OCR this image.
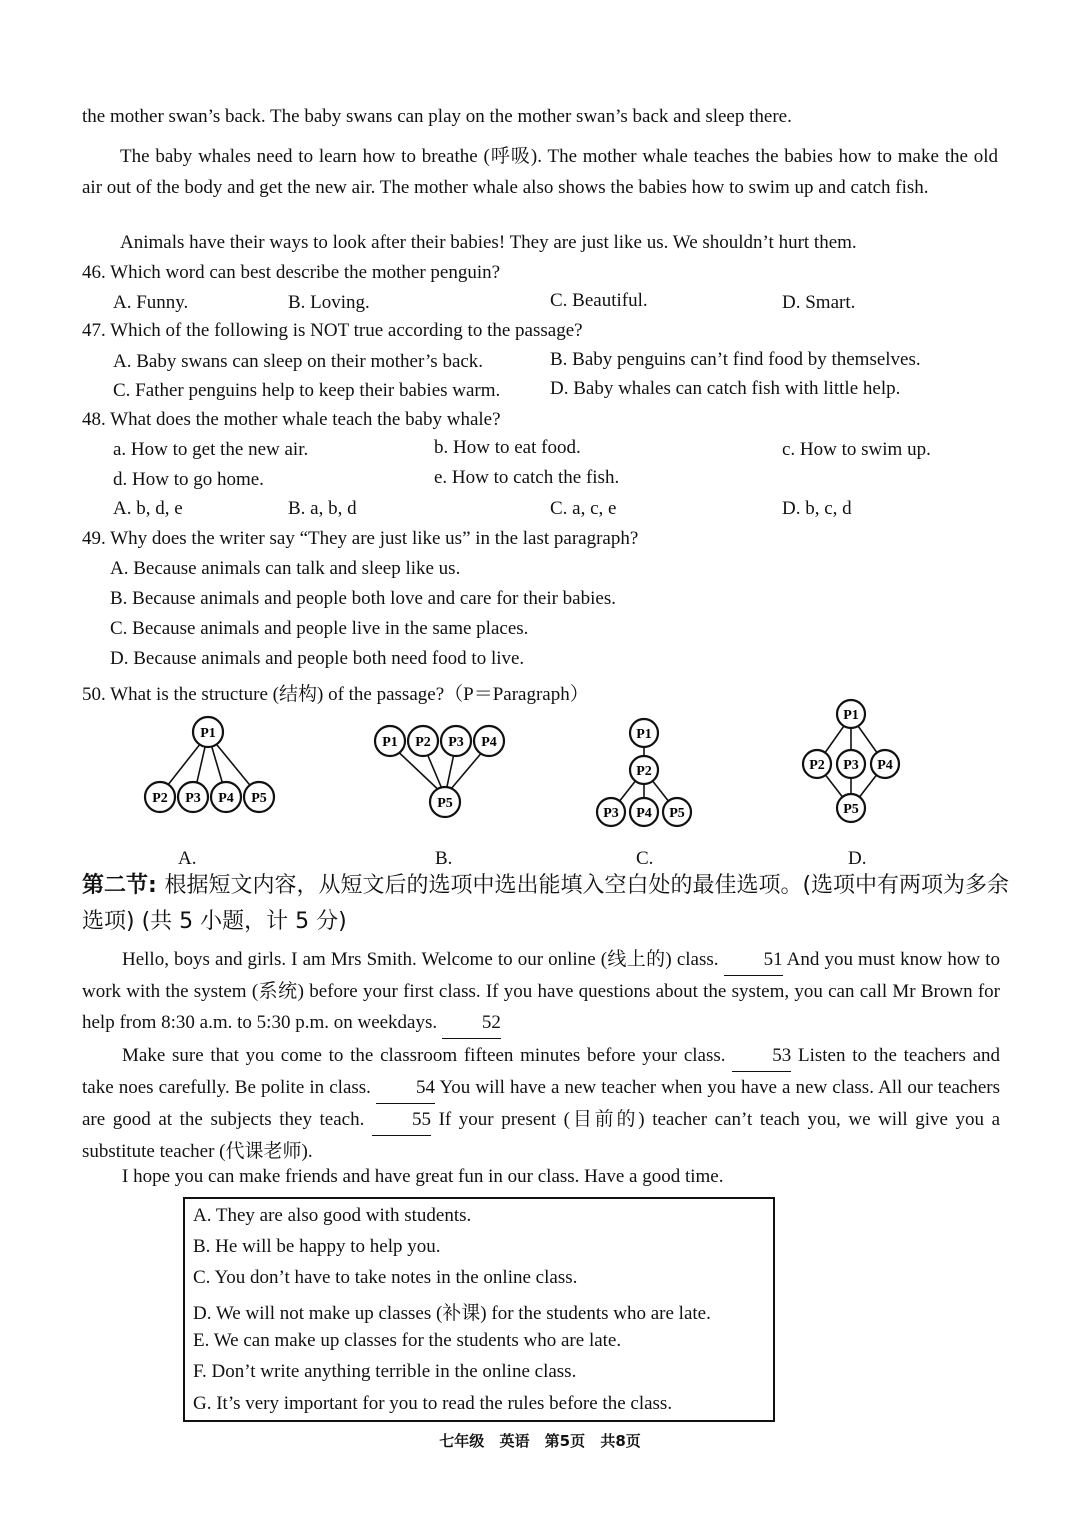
the mother swan’s back. The baby swans can play on the mother swan’s back and sleep there.
The baby whales need to learn how to breathe (呼吸). The mother whale teaches the babies how to make the old air out of the body and get the new air. The mother whale also shows the babies how to swim up and catch fish.
Animals have their ways to look after their babies! They are just like us. We shouldn’t hurt them.
46. Which word can best describe the mother penguin?
A. Funny.	B. Loving.	C. Beautiful.	D. Smart.
47. Which of the following is NOT true according to the passage?
A. Baby swans can sleep on their mother’s back.	B. Baby penguins can’t find food by themselves.
C. Father penguins help to keep their babies warm.	D. Baby whales can catch fish with little help.
48. What does the mother whale teach the baby whale?
a. How to get the new air.	b. How to eat food.	c. How to swim up.
d. How to go home.	e. How to catch the fish.
A. b, d, e	B. a, b, d	C. a, c, e	D. b, c, d
49. Why does the writer say “They are just like us” in the last paragraph?
A. Because animals can talk and sleep like us.
B. Because animals and people both love and care for their babies.
C. Because animals and people live in the same places.
D. Because animals and people both need food to live.
50. What is the structure (结构) of the passage?（P＝Paragraph）
P1
P2 P3 P4 P5
A.
P1 P2 P3 P4
P5
B.
P1
P2
P3 P4 P5
C.
P1
P2 P3 P4
P5
D.
第二节: 根据短文内容，从短文后的选项中选出能填入空白处的最佳选项。(选项中有两项为多余选项) (共 5 小题，计 5 分)
Hello, boys and girls. I am Mrs Smith. Welcome to our online (线上的) class. 51 And you must know how to work with the system (系统) before your first class. If you have questions about the system, you can call Mr Brown for help from 8:30 a.m. to 5:30 p.m. on weekdays. 52
Make sure that you come to the classroom fifteen minutes before your class. 53 Listen to the teachers and take noes carefully. Be polite in class. 54 You will have a new teacher when you have a new class. All our teachers are good at the subjects they teach.	55 If your present (目前的) teacher can’t teach you, we will give you a substitute teacher (代课老师).
I hope you can make friends and have great fun in our class. Have a good time.
A. They are also good with students.
B. He will be happy to help you.
C. You don’t have to take notes in the online class.
D. We will not make up classes (补课) for the students who are late.
E. We can make up classes for the students who are late.
F. Don’t write anything terrible in the online class.
G. It’s very important for you to read the rules before the class.
七年级 英语 第5页 共8页
